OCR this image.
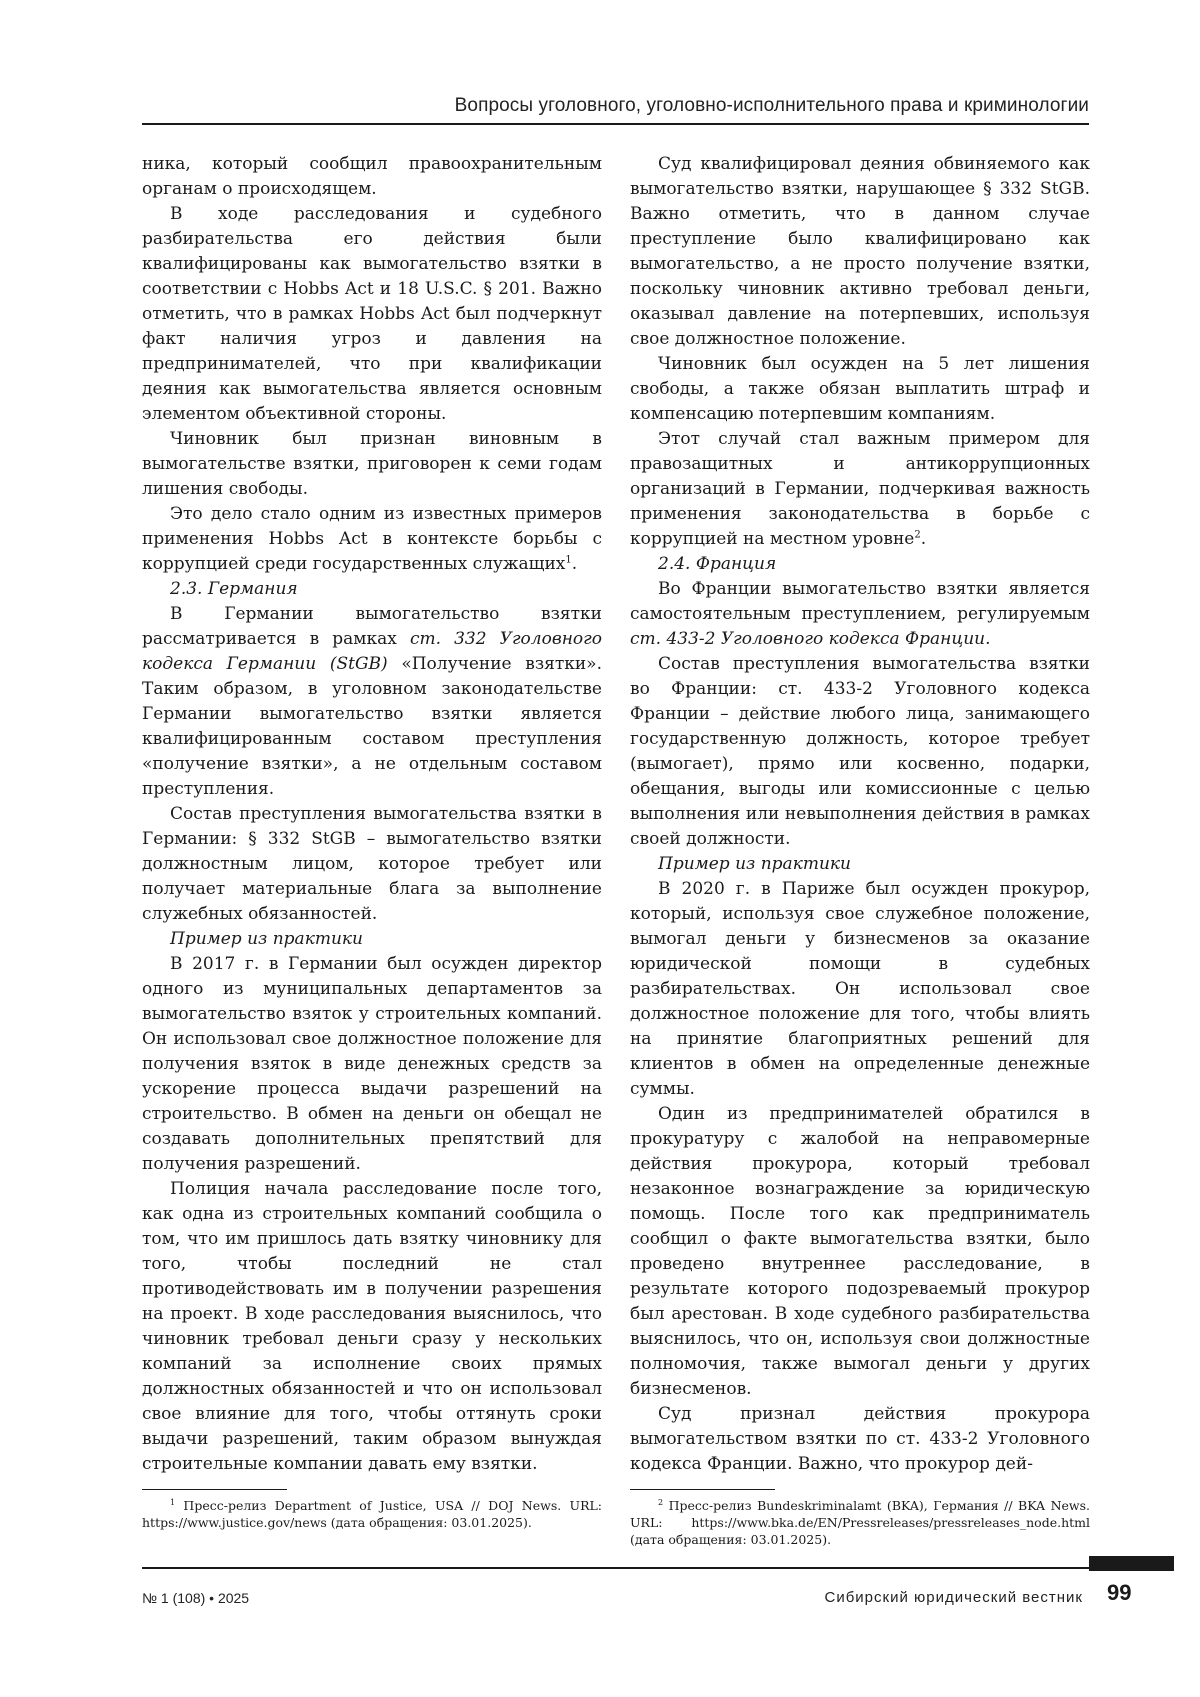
Вопросы уголовного, уголовно-исполнительного права и криминологии

ника, который сообщил правоохранительным органам о происходящем.

В ходе расследования и судебного разбирательства его действия были квалифицированы как вымогательство взятки в соответствии с Hobbs Act и 18 U.S.C. § 201. Важно отметить, что в рамках Hobbs Act был подчеркнут факт наличия угроз и давления на предпринимателей, что при квалификации деяния как вымогательства является основным элементом объективной стороны.

Чиновник был признан виновным в вымогательстве взятки, приговорен к семи годам лишения свободы.

Это дело стало одним из известных примеров применения Hobbs Act в контексте борьбы с коррупцией среди государственных служащих$^1$.

2.3. Германия

В Германии вымогательство взятки рассматривается в рамках ст. 332 Уголовного кодекса Германии (StGB) «Получение взятки». Таким образом, в уголовном законодательстве Германии вымогательство взятки является квалифицированным составом преступления «получение взятки», а не отдельным составом преступления.

Состав преступления вымогательства взятки в Германии: § 332 StGB – вымогательство взятки должностным лицом, которое требует или получает материальные блага за выполнение служебных обязанностей.

Пример из практики

В 2017 г. в Германии был осужден директор одного из муниципальных департаментов за вымогательство взяток у строительных компаний. Он использовал свое должностное положение для получения взяток в виде денежных средств за ускорение процесса выдачи разрешений на строительство. В обмен на деньги он обещал не создавать дополнительных препятствий для получения разрешений.

Полиция начала расследование после того, как одна из строительных компаний сообщила о том, что им пришлось дать взятку чиновнику для того, чтобы последний не стал противодействовать им в получении разрешения на проект. В ходе расследования выяснилось, что чиновник требовал деньги сразу у нескольких компаний за исполнение своих прямых должностных обязанностей и что он использовал свое влияние для того, чтобы оттянуть сроки выдачи разрешений, таким образом вынуждая строительные компании давать ему взятки.

$^1$ Пресс-релиз Department of Justice, USA // DOJ News. URL: https://www.justice.gov/news (дата обращения: 03.01.2025).

Суд квалифицировал деяния обвиняемого как вымогательство взятки, нарушающее § 332 StGB. Важно отметить, что в данном случае преступление было квалифицировано как вымогательство, а не просто получение взятки, поскольку чиновник активно требовал деньги, оказывал давление на потерпевших, используя свое должностное положение.

Чиновник был осужден на 5 лет лишения свободы, а также обязан выплатить штраф и компенсацию потерпевшим компаниям.

Этот случай стал важным примером для правозащитных и антикоррупционных организаций в Германии, подчеркивая важность применения законодательства в борьбе с коррупцией на местном уровне$^2$.

2.4. Франция

Во Франции вымогательство взятки является самостоятельным преступлением, регулируемым ст. 433-2 Уголовного кодекса Франции.

Состав преступления вымогательства взятки во Франции: ст. 433-2 Уголовного кодекса Франции – действие любого лица, занимающего государственную должность, которое требует (вымогает), прямо или косвенно, подарки, обещания, выгоды или комиссионные с целью выполнения или невыполнения действия в рамках своей должности.

Пример из практики

В 2020 г. в Париже был осужден прокурор, который, используя свое служебное положение, вымогал деньги у бизнесменов за оказание юридической помощи в судебных разбирательствах. Он использовал свое должностное положение для того, чтобы влиять на принятие благоприятных решений для клиентов в обмен на определенные денежные суммы.

Один из предпринимателей обратился в прокуратуру с жалобой на неправомерные действия прокурора, который требовал незаконное вознаграждение за юридическую помощь. После того как предприниматель сообщил о факте вымогательства взятки, было проведено внутреннее расследование, в результате которого подозреваемый прокурор был арестован. В ходе судебного разбирательства выяснилось, что он, используя свои должностные полномочия, также вымогал деньги у других бизнесменов.

Суд признал действия прокурора вымогательством взятки по ст. 433-2 Уголовного кодекса Франции. Важно, что прокурор дей-

$^2$ Пресс-релиз Bundeskriminalamt (BKA), Германия // BKA News. URL: https://www.bka.de/EN/Pressreleases/pressreleases_node.html (дата обращения: 03.01.2025).

№ 1 (108) • 2025	Сибирский юридический вестник 99
